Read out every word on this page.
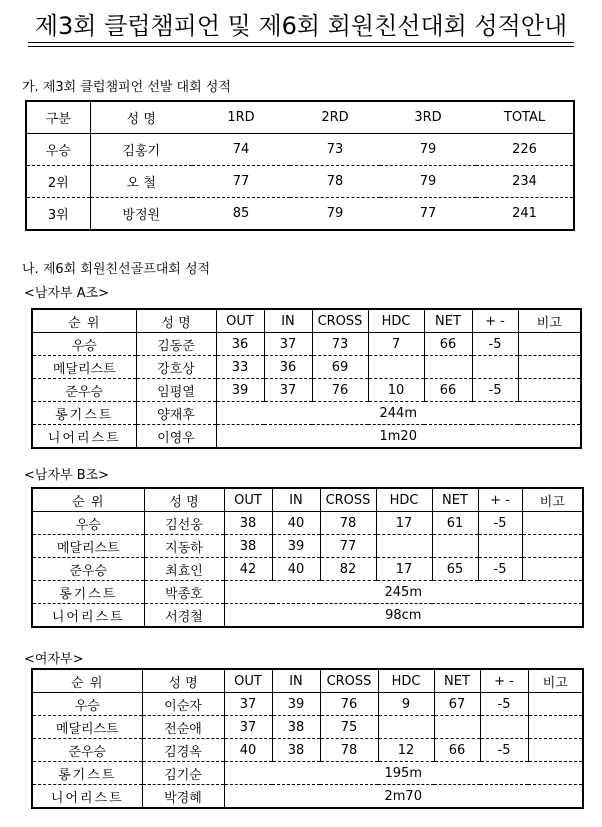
제3회 클럽챔피언 및 제6회 회원친선대회 성적안내
가. 제3회 클럽챔피언 선발 대회 성적
구분	성 명	1RD	2RD	3RD	TOTAL
우승	김홍기	74	73	79	226
2위	오 철	77	78	79	234
3위	방정원	85	79	77	241
나. 제6회 회원친선골프대회 성적
<남자부 A조>
순 위	성 명	OUT	IN	CROSS	HDC	NET	+ -	비고
우승	김동준	36	37	73	7	66	-5	
메달리스트	강호상	33	36	69				
준우승	임평열	39	37	76	10	66	-5	
롱기스트	양재후	244m						
니어리스트	이영우	1m20						
<남자부 B조>
순 위	성 명	OUT	IN	CROSS	HDC	NET	+ -	비고
우승	김선웅	38	40	78	17	61	-5	
메달리스트	지동하	38	39	77				
준우승	최효인	42	40	82	17	65	-5	
롱기스트	박종호	245m						
니어리스트	서경철	98cm						
<여자부>
순 위	성 명	OUT	IN	CROSS	HDC	NET	+ -	비고
우승	이순자	37	39	76	9	67	-5	
메달리스트	전순애	37	38	75				
준우승	김경옥	40	38	78	12	66	-5	
롱기스트	김기순	195m						
니어리스트	박경혜	2m70						
